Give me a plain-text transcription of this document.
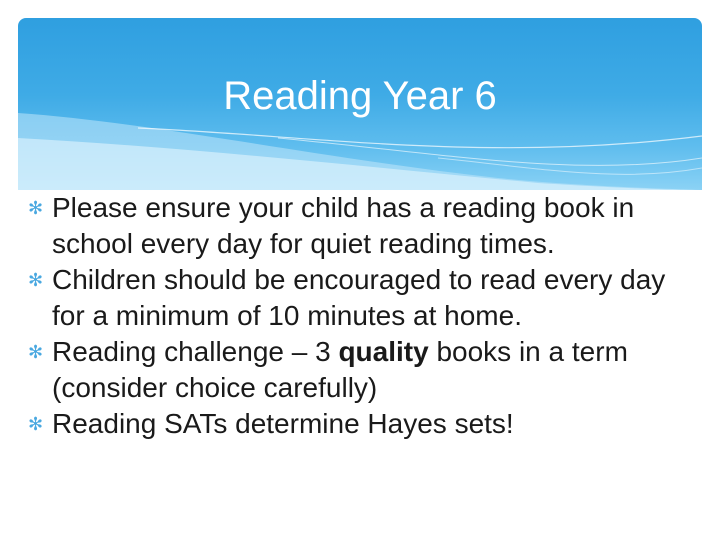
Reading Year 6
✻ Please ensure your child has a reading book in school every day for quiet reading times.
✻ Children should be encouraged to read every day for a minimum of 10 minutes at home.
✻ Reading challenge – 3 quality books in a term (consider choice carefully)
✻ Reading SATs determine Hayes sets!
